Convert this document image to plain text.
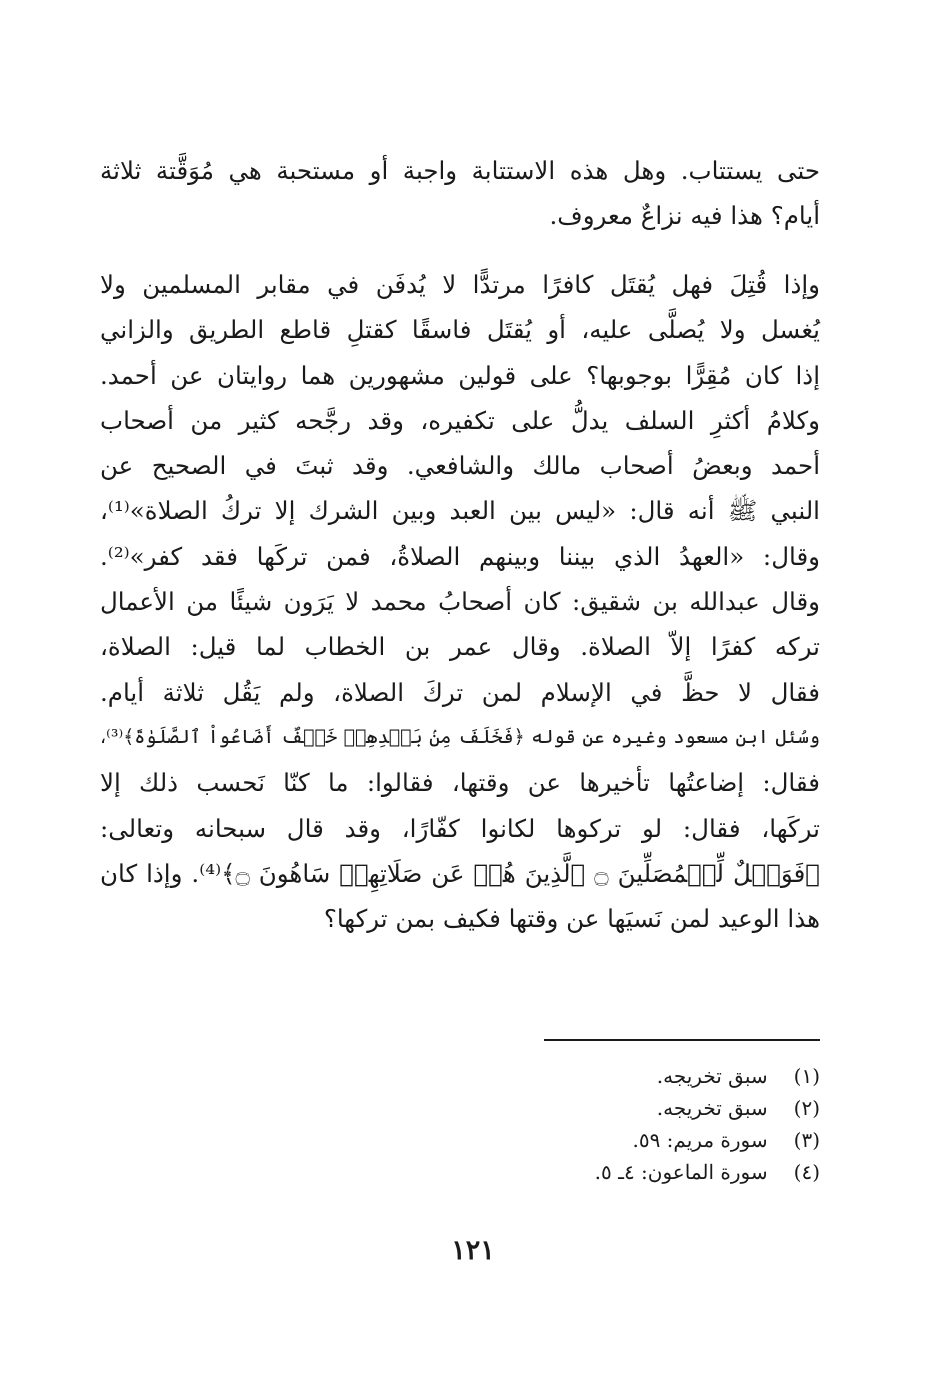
حتى يستتاب. وهل هذه الاستتابة واجبة أو مستحبة هي مُوَقَّتة ثلاثة
أيام؟ هذا فيه نزاعٌ معروف.
وإذا قُتِلَ فهل يُقتَل كافرًا مرتدًّا لا يُدفَن في مقابر المسلمين ولا
يُغسل ولا يُصلَّى عليه، أو يُقتَل فاسقًا كقتلِ قاطع الطريق والزاني
إذا كان مُقِرًّا بوجوبها؟ على قولين مشهورين هما روايتان عن أحمد.
وكلامُ أكثرِ السلف يدلُّ على تكفيره، وقد رجَّحه كثير من أصحاب
أحمد وبعضُ أصحاب مالك والشافعي. وقد ثبتَ في الصحيح عن
النبي ﷺ أنه قال: «ليس بين العبد وبين الشرك إلا تركُ الصلاة»⁽¹⁾،
وقال: «العهدُ الذي بيننا وبينهم الصلاةُ، فمن تركَها فقد كفر»⁽²⁾.
وقال عبدالله بن شقيق: كان أصحابُ محمد لا يَرَون شيئًا من الأعمال
تركه كفرًا إلاّ الصلاة. وقال عمر بن الخطاب لما قيل: الصلاة،
فقال لا حظَّ في الإسلام لمن تركَ الصلاة، ولم يَقُل ثلاثة أيام.
وسُئل ابن مسعود وغيره عن قوله ﴿فَخَلَفَ مِنۢ بَعۡدِهِمۡ خَلۡفٌ أَضَاعُواْ ٱلصَّلَوٰةَ﴾⁽³⁾،
فقال: إضاعتُها تأخيرها عن وقتها، فقالوا: ما كنّا نَحسب ذلك إلا
تركَها، فقال: لو تركوها لكانوا كفّارًا، وقد قال سبحانه وتعالى:
﴿فَوَيۡلٌ لِّلۡمُصَلِّينَ ۝ ٱلَّذِينَ هُمۡ عَن صَلَاتِهِمۡ سَاهُونَ ۝﴾⁽⁴⁾. وإذا كان
هذا الوعيد لمن نَسيَها عن وقتها فكيف بمن تركها؟
(١) سبق تخريجه.
(٢) سبق تخريجه.
(٣) سورة مريم: ٥٩.
(٤) سورة الماعون: ٤ـ ٥.
١٢١
